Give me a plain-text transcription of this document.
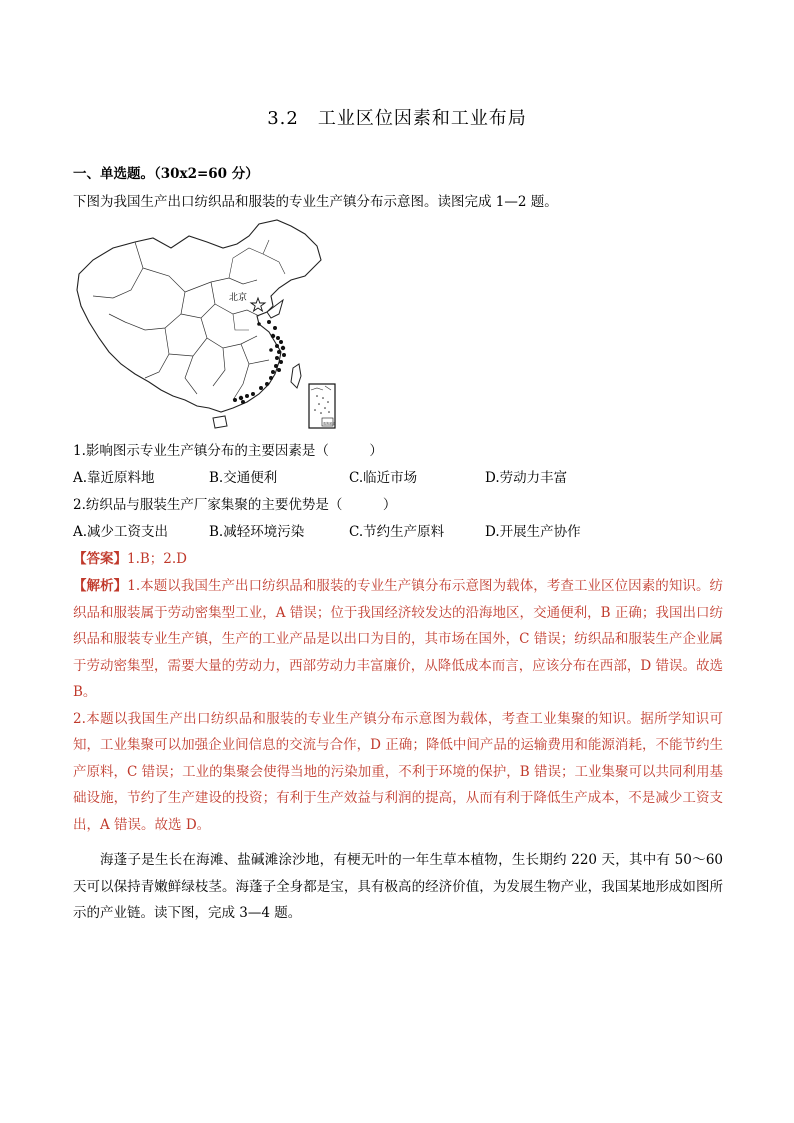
3.2　工业区位因素和工业布局
一、单选题。（30x2=60 分）
下图为我国生产出口纺织品和服装的专业生产镇分布示意图。读图完成 1—2 题。
北京
南海诸岛
1.影响图示专业生产镇分布的主要因素是（　　　）
A.靠近原料地	B.交通便利	C.临近市场	D.劳动力丰富
2.纺织品与服装生产厂家集聚的主要优势是（　　　）
A.减少工资支出	B.减轻环境污染	C.节约生产原料	D.开展生产协作
【答案】1.B；2.D

【解析】1.本题以我国生产出口纺织品和服装的专业生产镇分布示意图为载体，考查工业区位因素的知识。纺织品和服装属于劳动密集型工业，A 错误；位于我国经济较发达的沿海地区，交通便利，B 正确；我国出口纺织品和服装专业生产镇，生产的工业产品是以出口为目的，其市场在国外，C 错误；纺织品和服装生产企业属于劳动密集型，需要大量的劳动力，西部劳动力丰富廉价，从降低成本而言，应该分布在西部，D 错误。故选 B。

2.本题以我国生产出口纺织品和服装的专业生产镇分布示意图为载体，考查工业集聚的知识。据所学知识可知，工业集聚可以加强企业间信息的交流与合作，D 正确；降低中间产品的运输费用和能源消耗，不能节约生产原料，C 错误；工业的集聚会使得当地的污染加重，不利于环境的保护，B 错误；工业集聚可以共同利用基础设施，节约了生产建设的投资；有利于生产效益与利润的提高，从而有利于降低生产成本，不是减少工资支出，A 错误。故选 D。

海蓬子是生长在海滩、盐碱滩涂沙地，有梗无叶的一年生草本植物，生长期约 220 天，其中有 50～60 天可以保持青嫩鲜绿枝茎。海蓬子全身都是宝，具有极高的经济价值，为发展生物产业，我国某地形成如图所示的产业链。读下图，完成 3—4 题。
